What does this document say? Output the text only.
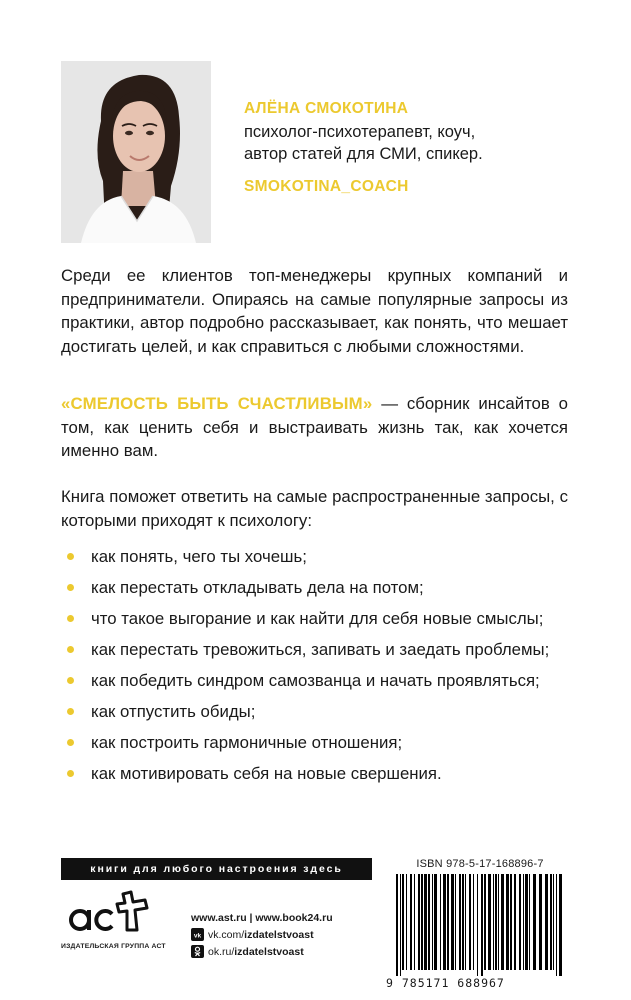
АЛЁНА СМОКОТИНА
психолог-психотерапевт, коуч,
автор статей для СМИ, спикер.
SMOKOTINA_COACH

Среди ее клиентов топ-менеджеры крупных компаний и предприниматели. Опираясь на самые популярные запросы из практики, автор подробно рассказывает, как понять, что мешает достигать целей, и как справиться с любыми сложностями.

«СМЕЛОСТЬ БЫТЬ СЧАСТЛИВЫМ» — сборник инсайтов о том, как ценить себя и выстраивать жизнь так, как хочется именно вам.

Книга поможет ответить на самые распространенные запросы, с которыми приходят к психологу:

как понять, чего ты хочешь;
как перестать откладывать дела на потом;
что такое выгорание и как найти для себя новые смыслы;
как перестать тревожиться, запивать и заедать проблемы;
как победить синдром самозванца и начать проявляться;
как отпустить обиды;
как построить гармоничные отношения;
как мотивировать себя на новые свершения.
книги для любого настроения здесь
ИЗДАТЕЛЬСКАЯ ГРУППА АСТ
www.ast.ru | www.book24.ru
vk vk.com/ izdatelstvoast
ok.ru/ izdatelstvoast
ISBN 978-5-17-168896-7
9 785171 688967
